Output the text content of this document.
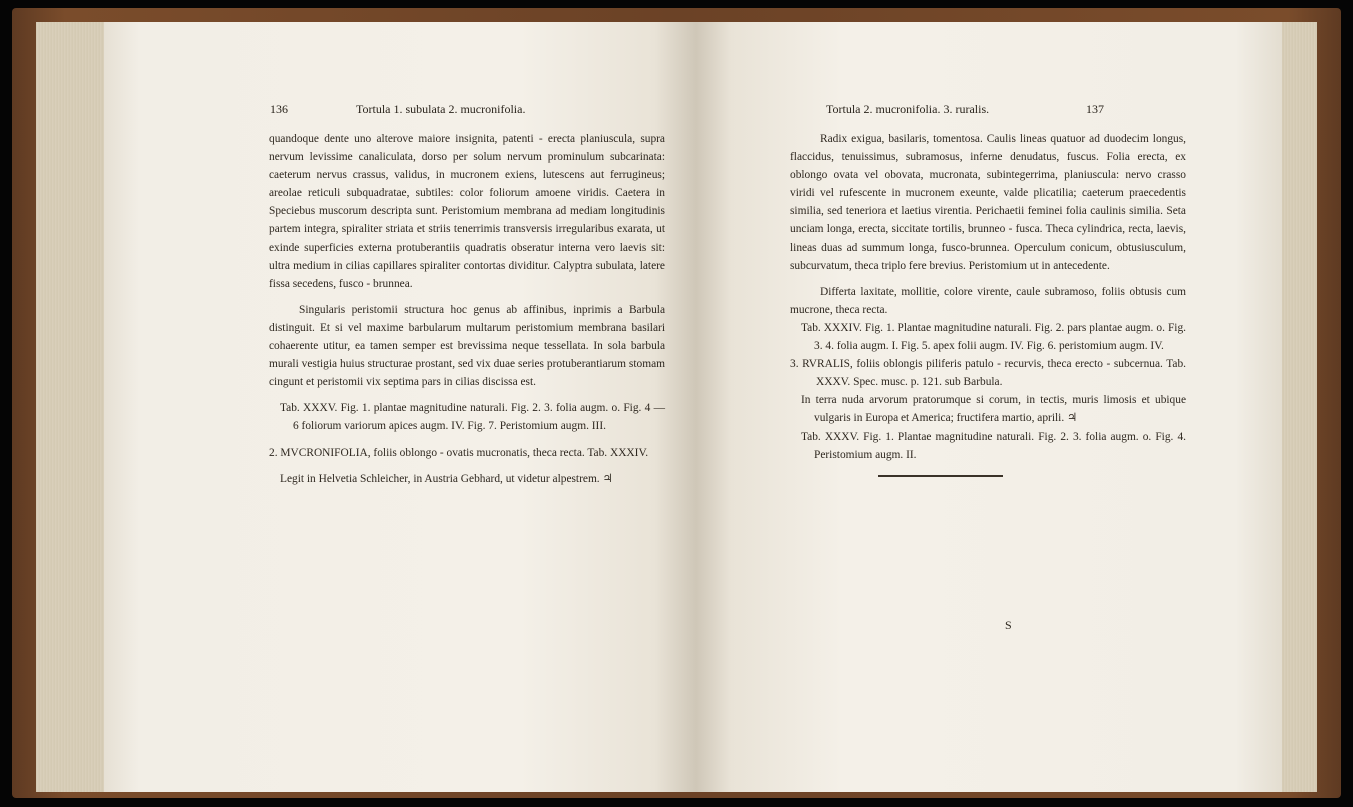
136	Tortula 1. subulata 2. mucronifolia.

quandoque dente uno alterove maiore insignita, patenti - erecta planiuscula, supra nervum levissime canaliculata, dorso per solum nervum prominulum subcarinata: caeterum nervus crassus, validus, in mucronem exiens, lutescens aut ferrugineus; areolae reticuli subquadratae, subtiles: color foliorum amoene viridis. Caetera in Speciebus muscorum descripta sunt. Peristomium membrana ad mediam longitudinis partem integra, spiraliter striata et striis tenerrimis transversis irregularibus exarata, ut exinde superficies externa protuberantiis quadratis obseratur interna vero laevis sit: ultra medium in cilias capillares spiraliter contortas dividitur. Calyptra subulata, latere fissa secedens, fusco - brunnea.

Singularis peristomii structura hoc genus ab affinibus, inprimis a Barbula distinguit. Et si vel maxime barbularum multarum peristomium membrana basilari cohaerente utitur, ea tamen semper est brevissima neque tessellata. In sola barbula murali vestigia huius structurae prostant, sed vix duae series protuberantiarum stomam cingunt et peristomii vix septima pars in cilias discissa est.

Tab. XXXV. Fig. 1. plantae magnitudine naturali. Fig. 2. 3. folia augm. o. Fig. 4 — 6 foliorum variorum apices augm. IV. Fig. 7. Peristomium augm. III.

2. MVCRONIFOLIA, foliis oblongo - ovatis mucronatis, theca recta. Tab. XXXIV.

Legit in Helvetia Schleicher, in Austria Gebhard, ut videtur alpestrem. ♃

Tortula 2. mucronifolia. 3. ruralis.	137

Radix exigua, basilaris, tomentosa. Caulis lineas quatuor ad duodecim longus, flaccidus, tenuissimus, subramosus, inferne denudatus, fuscus. Folia erecta, ex oblongo ovata vel obovata, mucronata, subintegerrima, planiuscula: nervo crasso viridi vel rufescente in mucronem exeunte, valde plicatilia; caeterum praecedentis similia, sed teneriora et laetius virentia. Perichaetii feminei folia caulinis similia. Seta unciam longa, erecta, siccitate tortilis, brunneo - fusca. Theca cylindrica, recta, laevis, lineas duas ad summum longa, fusco-brunnea. Operculum conicum, obtusiusculum, subcurvatum, theca triplo fere brevius. Peristomium ut in antecedente.

Differta laxitate, mollitie, colore virente, caule subramoso, foliis obtusis cum mucrone, theca recta.

Tab. XXXIV. Fig. 1. Plantae magnitudine naturali. Fig. 2. pars plantae augm. o. Fig. 3. 4. folia augm. I. Fig. 5. apex folii augm. IV. Fig. 6. peristomium augm. IV.

3. RVRALIS, foliis oblongis piliferis patulo - recurvis, theca erecto - subcernua. Tab. XXXV. Spec. musc. p. 121. sub Barbula.

In terra nuda arvorum pratorumque si corum, in tectis, muris limosis et ubique vulgaris in Europa et America; fructifera martio, aprili. ♃

Tab. XXXV. Fig. 1. Plantae magnitudine naturali. Fig. 2. 3. folia augm. o. Fig. 4. Peristomium augm. II.

S
